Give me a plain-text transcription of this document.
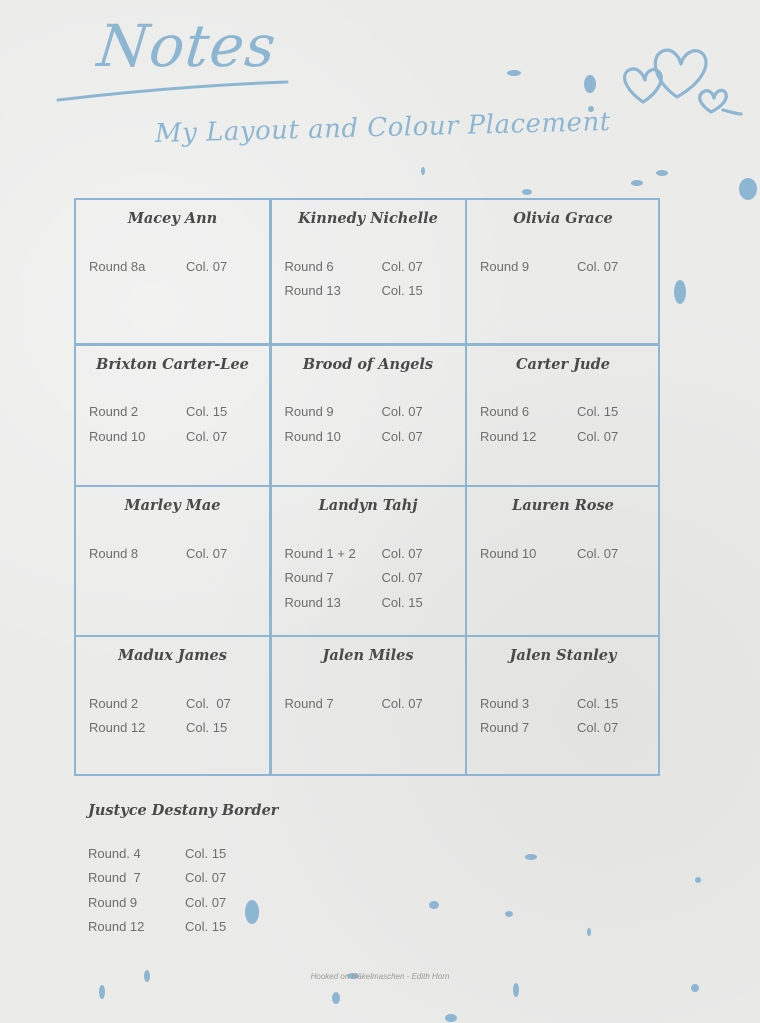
Notes
My Layout and Colour Placement
Macey Ann
Round 8a	Col. 07
Kinnedy Nichelle
Round 6	Col. 07
Round 13	Col. 15
Olivia Grace
Round 9	Col. 07
Brixton Carter-Lee
Round 2	Col. 15
Round 10	Col. 07
Brood of Angels
Round 9	Col. 07
Round 10	Col. 07
Carter Jude
Round 6	Col. 15
Round 12	Col. 07
Marley Mae
Round 8	Col. 07
Landyn Tahj
Round 1 + 2	Col. 07
Round 7	Col. 07
Round 13	Col. 15
Lauren Rose
Round 10	Col. 07
Madux James
Round 2	Col.  07
Round 12	Col. 15
Jalen Miles
Round 7	Col. 07
Jalen Stanley
Round 3	Col. 15
Round 7	Col. 07
Justyce Destany Border
Round. 4	Col. 15
Round  7	Col. 07
Round 9	Col. 07
Round 12	Col. 15
Hooked on Häkelmaschen - Edith Horn
